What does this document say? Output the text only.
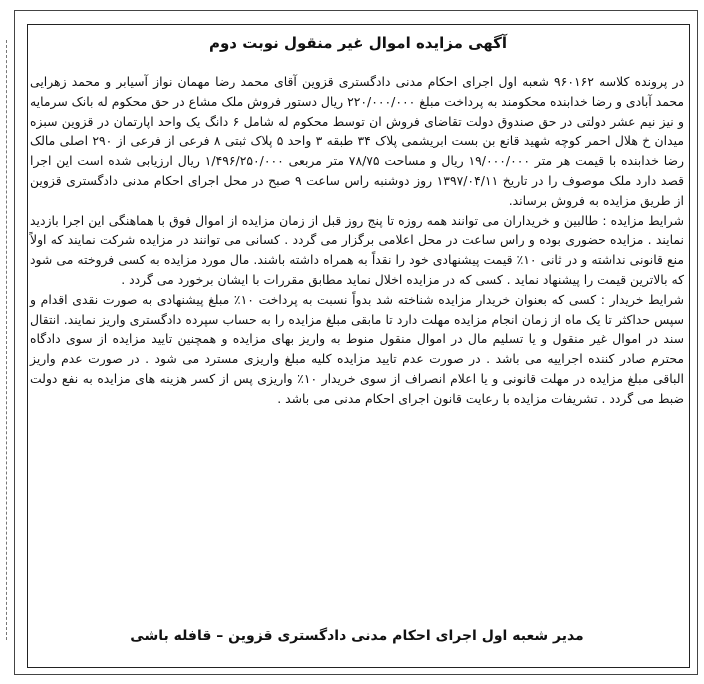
آگهی مزایده اموال غیر منقول نوبت دوم

در پرونده کلاسه ۹۶۰۱۶۲ شعبه اول اجرای احکام مدنی دادگستری قزوین آقای محمد رضا مهمان نواز آسیابر و محمد زهرایی محمد آبادی و رضا خدابنده محکومند به پرداخت مبلغ ۲۲۰/۰۰۰/۰۰۰ ریال دستور فروش ملک مشاع در حق محکوم له بانک سرمایه و نیز نیم عشر دولتی در حق صندوق دولت تقاضای فروش ان توسط محکوم له شامل ۶ دانگ یک واحد اپارتمان در قزوین سبزه میدان خ هلال احمر کوچه شهید قانع بن بست ابریشمی پلاک ۳۴ طبقه ۳ واحد ۵ پلاک ثبتی ۸ فرعی از فرعی از ۲۹۰ اصلی مالک رضا خدابنده با قیمت هر متر ۱۹/۰۰۰/۰۰۰ ریال و مساحت ۷۸/۷۵ متر مربعی ۱/۴۹۶/۲۵۰/۰۰۰ ریال ارزیابی شده است این اجرا قصد دارد ملک موصوف را در تاریخ ۱۳۹۷/۰۴/۱۱ روز دوشنبه راس ساعت ۹ صبح در محل اجرای احکام مدنی دادگستری قزوین از طریق مزایده به فروش برساند.

شرایط مزایده : طالبین و خریداران می توانند همه روزه تا پنج روز قبل از زمان مزایده از اموال فوق با هماهنگی این اجرا بازدید نمایند . مزایده حضوری بوده و راس ساعت در محل اعلامی برگزار می گردد . کسانی می توانند در مزایده شرکت نمایند که اولاً منع قانونی نداشته و در ثانی ۱۰٪ قیمت پیشنهادی خود را نقداً به همراه داشته باشند. مال مورد مزایده به کسی فروخته می شود که بالاترین قیمت را پیشنهاد نماید . کسی که در مزایده اخلال نماید مطابق مقررات با ایشان برخورد می گردد .

شرایط خریدار : کسی که بعنوان خریدار مزایده شناخته شد بدواً نسبت به پرداخت ۱۰٪ مبلغ پیشنهادی به صورت نقدی اقدام و سپس حداکثر تا یک ماه از زمان انجام مزایده مهلت دارد تا مابقی مبلغ مزایده را به حساب سپرده دادگستری واریز نمایند. انتقال سند در اموال غیر منقول و یا تسلیم مال در اموال منقول منوط به واریز بهای مزایده و همچنین تایید مزایده از سوی دادگاه محترم صادر کننده اجراییه می باشد . در صورت عدم تایید مزایده کلیه مبلغ واریزی مسترد می شود . در صورت عدم واریز الباقی مبلغ مزایده در مهلت قانونی و یا اعلام انصراف از سوی خریدار ۱۰٪ واریزی پس از کسر هزینه های مزایده به نفع دولت ضبط می گردد . تشریفات مزایده با رعایت قانون اجرای احکام مدنی می باشد .

مدیر شعبه اول اجرای احکام مدنی دادگستری قزوین – قافله باشی
